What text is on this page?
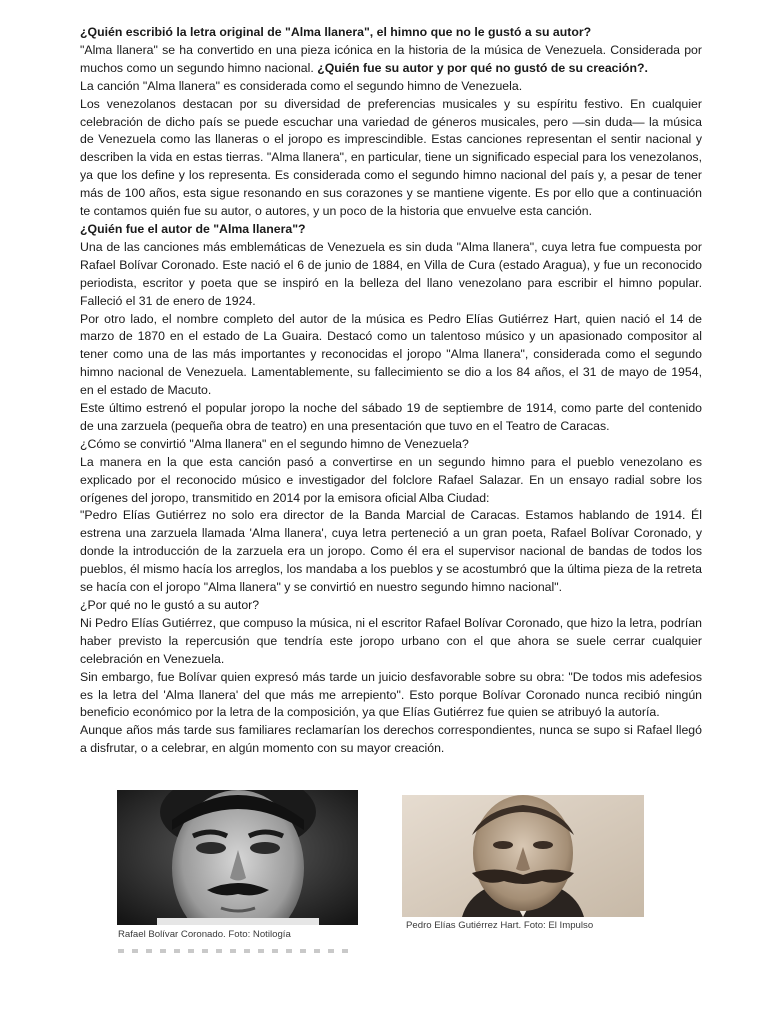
¿Quién escribió la letra original de "Alma llanera", el himno que no le gustó a su autor?

"Alma llanera" se ha convertido en una pieza icónica en la historia de la música de Venezuela. Considerada por muchos como un segundo himno nacional. ¿Quién fue su autor y por qué no gustó de su creación?.

La canción "Alma llanera" es considerada como el segundo himno de Venezuela.

Los venezolanos destacan por su diversidad de preferencias musicales y su espíritu festivo. En cualquier celebración de dicho país se puede escuchar una variedad de géneros musicales, pero —sin duda— la música de Venezuela como las llaneras o el joropo es imprescindible. Estas canciones representan el sentir nacional y describen la vida en estas tierras. "Alma llanera", en particular, tiene un significado especial para los venezolanos, ya que los define y los representa. Es considerada como el segundo himno nacional del país y, a pesar de tener más de 100 años, esta sigue resonando en sus corazones y se mantiene vigente. Es por ello que a continuación te contamos quién fue su autor, o autores, y un poco de la historia que envuelve esta canción.

¿Quién fue el autor de "Alma llanera"?

Una de las canciones más emblemáticas de Venezuela es sin duda "Alma llanera", cuya letra fue compuesta por Rafael Bolívar Coronado. Este nació el 6 de junio de 1884, en Villa de Cura (estado Aragua), y fue un reconocido periodista, escritor y poeta que se inspiró en la belleza del llano venezolano para escribir el himno popular. Falleció el 31 de enero de 1924.

Por otro lado, el nombre completo del autor de la música es Pedro Elías Gutiérrez Hart, quien nació el 14 de marzo de 1870 en el estado de La Guaira. Destacó como un talentoso músico y un apasionado compositor al tener como una de las más importantes y reconocidas el joropo "Alma llanera", considerada como el segundo himno nacional de Venezuela. Lamentablemente, su fallecimiento se dio a los 84 años, el 31 de mayo de 1954, en el estado de Macuto.

Este último estrenó el popular joropo la noche del sábado 19 de septiembre de 1914, como parte del contenido de una zarzuela (pequeña obra de teatro) en una presentación que tuvo en el Teatro de Caracas.

¿Cómo se convirtió "Alma llanera" en el segundo himno de Venezuela?

La manera en la que esta canción pasó a convertirse en un segundo himno para el pueblo venezolano es explicado por el reconocido músico e investigador del folclore Rafael Salazar. En un ensayo radial sobre los orígenes del joropo, transmitido en 2014 por la emisora oficial Alba Ciudad:

"Pedro Elías Gutiérrez no solo era director de la Banda Marcial de Caracas. Estamos hablando de 1914. Él estrena una zarzuela llamada 'Alma llanera', cuya letra perteneció a un gran poeta, Rafael Bolívar Coronado, y donde la introducción de la zarzuela era un joropo. Como él era el supervisor nacional de bandas de todos los pueblos, él mismo hacía los arreglos, los mandaba a los pueblos y se acostumbró que la última pieza de la retreta se hacía con el joropo "Alma llanera" y se convirtió en nuestro segundo himno nacional".

¿Por qué no le gustó a su autor?

Ni Pedro Elías Gutiérrez, que compuso la música, ni el escritor Rafael Bolívar Coronado, que hizo la letra, podrían haber previsto la repercusión que tendría este joropo urbano con el que ahora se suele cerrar cualquier celebración en Venezuela.

Sin embargo, fue Bolívar quien expresó más tarde un juicio desfavorable sobre su obra: "De todos mis adefesios es la letra del 'Alma llanera' del que más me arrepiento". Esto porque Bolívar Coronado nunca recibió ningún beneficio económico por la letra de la composición, ya que Elías Gutiérrez fue quien se atribuyó la autoría.

Aunque años más tarde sus familiares reclamarían los derechos correspondientes, nunca se supo si Rafael llegó a disfrutar, o a celebrar, en algún momento con su mayor creación.

Rafael Bolívar Coronado. Foto: Notilogía
Pedro Elías Gutiérrez Hart. Foto: El Impulso
